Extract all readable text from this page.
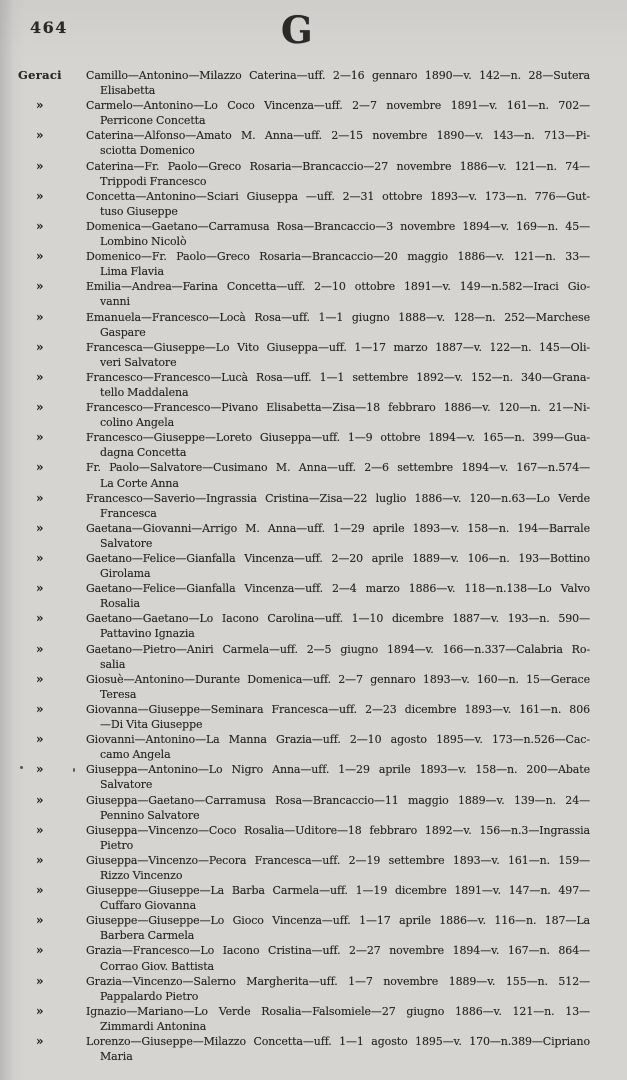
464	G
Geraci Camillo—Antonino—Milazzo Caterina—uff. 2—16 gennaro 1890—v. 142—n. 28—Sutera
Elisabetta
»	Carmelo—Antonino—Lo Coco Vincenza—uff. 2—7 novembre 1891—v. 161—n. 702—
Perricone Concetta
»	Caterina—Alfonso—Amato M. Anna—uff. 2—15 novembre 1890—v. 143—n. 713—Pi-
sciotta Domenico
»	Caterina—Fr. Paolo—Greco Rosaria—Brancaccio—27 novembre 1886—v. 121—n. 74—
Trippodi Francesco
»	Concetta—Antonino—Sciari Giuseppa —uff. 2—31 ottobre 1893—v. 173—n. 776—Gut-
tuso Giuseppe
»	Domenica—Gaetano—Carramusa Rosa—Brancaccio—3 novembre 1894—v. 169—n. 45—
Lombino Nicolò
»	Domenico—Fr. Paolo—Greco Rosaria—Brancaccio—20 maggio 1886—v. 121—n. 33—
Lima Flavia
»	Emilia—Andrea—Farina Concetta—uff. 2—10 ottobre 1891—v. 149—n.582—Iraci Gio-
vanni
»	Emanuela—Francesco—Locà Rosa—uff. 1—1 giugno 1888—v. 128—n. 252—Marchese
Gaspare
»	Francesca—Giuseppe—Lo Vito Giuseppa—uff. 1—17 marzo 1887—v. 122—n. 145—Oli-
veri Salvatore
»	Francesco—Francesco—Lucà Rosa—uff. 1—1 settembre 1892—v. 152—n. 340—Grana-
tello Maddalena
»	Francesco—Francesco—Pivano Elisabetta—Zisa—18 febbraro 1886—v. 120—n. 21—Ni-
colino Angela
»	Francesco—Giuseppe—Loreto Giuseppa—uff. 1—9 ottobre 1894—v. 165—n. 399—Gua-
dagna Concetta
»	Fr. Paolo—Salvatore—Cusimano M. Anna—uff. 2—6 settembre 1894—v. 167—n.574—
La Corte Anna
»	Francesco—Saverio—Ingrassia Cristina—Zisa—22 luglio 1886—v. 120—n.63—Lo Verde
Francesca
»	Gaetana—Giovanni—Arrigo M. Anna—uff. 1—29 aprile 1893—v. 158—n. 194—Barrale
Salvatore
»	Gaetano—Felice—Gianfalla Vincenza—uff. 2—20 aprile 1889—v. 106—n. 193—Bottino
Girolama
»	Gaetano—Felice—Gianfalla Vincenza—uff. 2—4 marzo 1886—v. 118—n.138—Lo Valvo
Rosalia
»	Gaetano—Gaetano—Lo Iacono Carolina—uff. 1—10 dicembre 1887—v. 193—n. 590—
Pattavino Ignazia
»	Gaetano—Pietro—Aniri Carmela—uff. 2—5 giugno 1894—v. 166—n.337—Calabria Ro-
salia
»	Giosuè—Antonino—Durante Domenica—uff. 2—7 gennaro 1893—v. 160—n. 15—Gerace
Teresa
»	Giovanna—Giuseppe—Seminara Francesca—uff. 2—23 dicembre 1893—v. 161—n. 806
—Di Vita Giuseppe
»	Giovanni—Antonino—La Manna Grazia—uff. 2—10 agosto 1895—v. 173—n.526—Cac-
camo Angela
»	Giuseppa—Antonino—Lo Nigro Anna—uff. 1—29 aprile 1893—v. 158—n. 200—Abate
Salvatore
»	Giuseppa—Gaetano—Carramusa Rosa—Brancaccio—11 maggio 1889—v. 139—n. 24—
Pennino Salvatore
»	Giuseppa—Vincenzo—Coco Rosalia—Uditore—18 febbraro 1892—v. 156—n.3—Ingrassia
Pietro
»	Giuseppa—Vincenzo—Pecora Francesca—uff. 2—19 settembre 1893—v. 161—n. 159—
Rizzo Vincenzo
»	Giuseppe—Giuseppe—La Barba Carmela—uff. 1—19 dicembre 1891—v. 147—n. 497—
Cuffaro Giovanna
»	Giuseppe—Giuseppe—Lo Gioco Vincenza—uff. 1—17 aprile 1886—v. 116—n. 187—La
Barbera Carmela
»	Grazia—Francesco—Lo Iacono Cristina—uff. 2—27 novembre 1894—v. 167—n. 864—
Corrao Giov. Battista
»	Grazia—Vincenzo—Salerno Margherita—uff. 1—7 novembre 1889—v. 155—n. 512—
Pappalardo Pietro
»	Ignazio—Mariano—Lo Verde Rosalia—Falsomiele—27 giugno 1886—v. 121—n. 13—
Zimmardi Antonina
»	Lorenzo—Giuseppe—Milazzo Concetta—uff. 1—1 agosto 1895—v. 170—n.389—Cipriano
Maria
